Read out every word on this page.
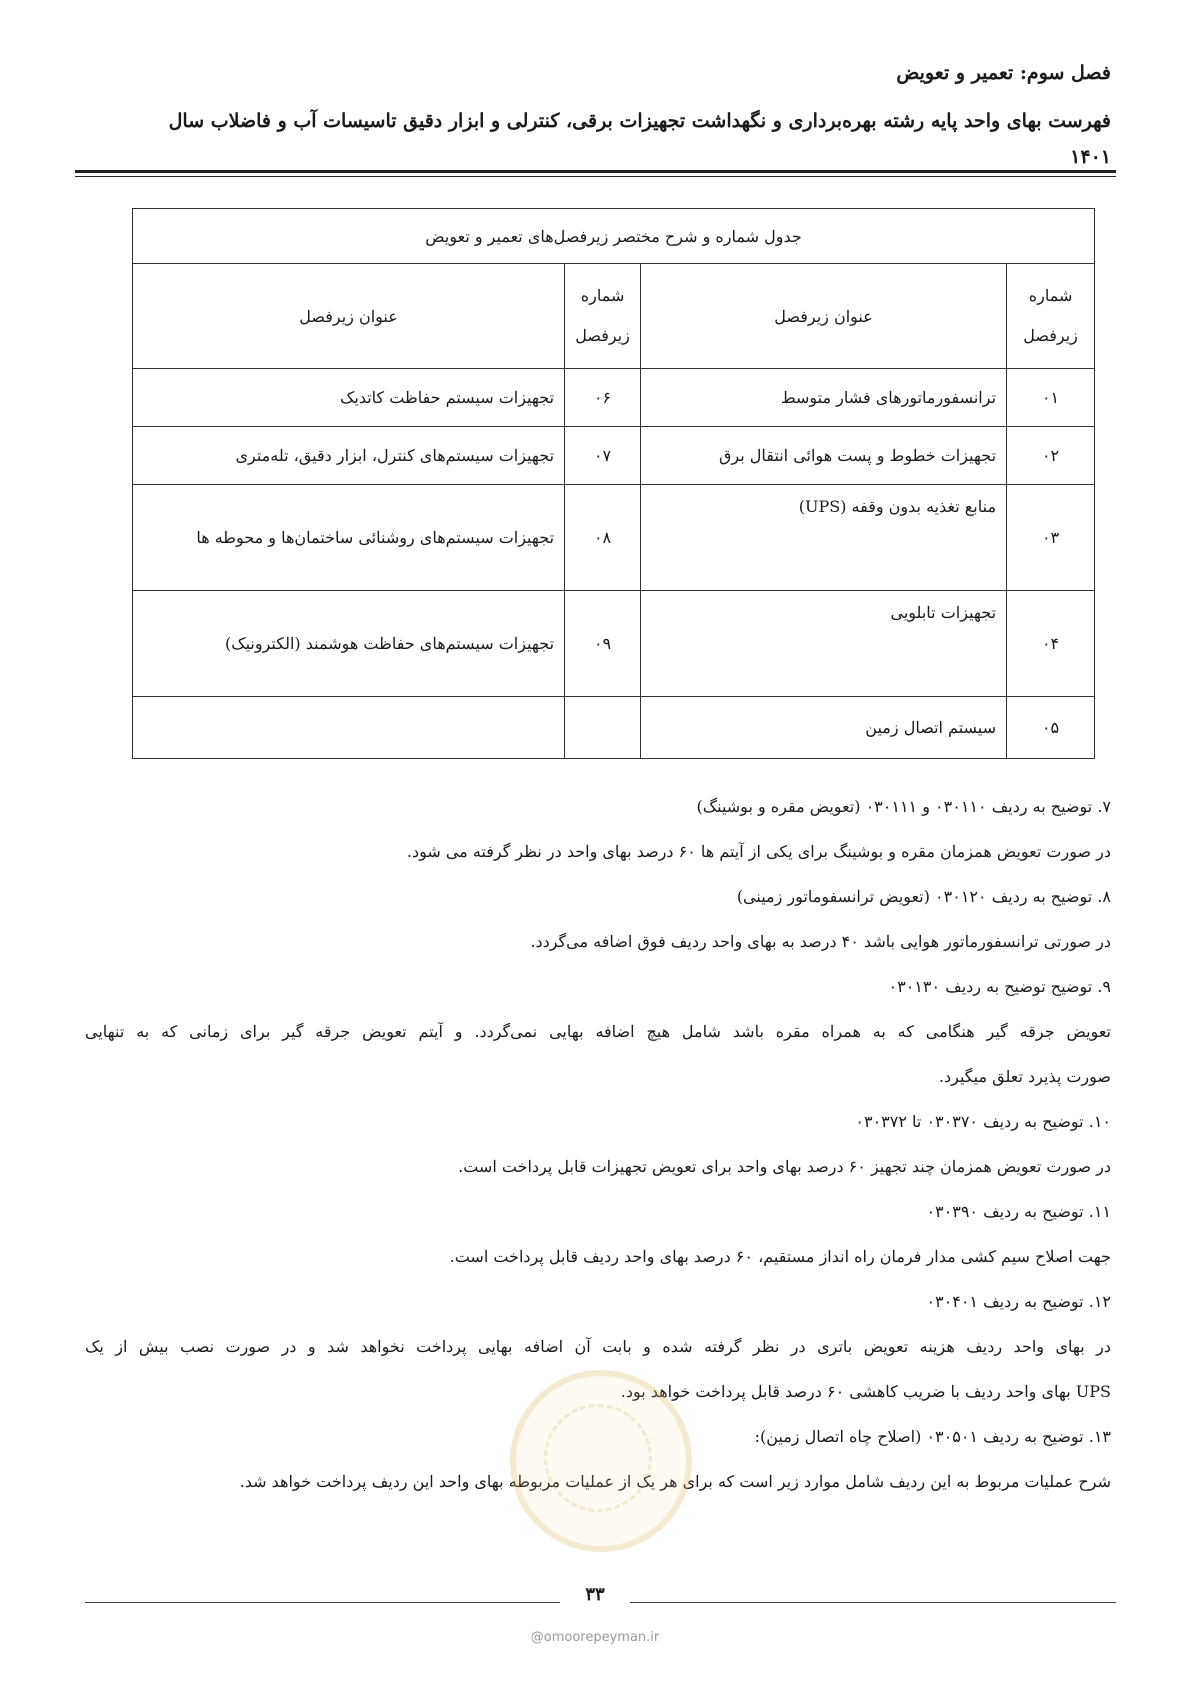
فصل سوم: تعمیر و تعویض
فهرست بهای واحد پایه رشته بهره‌برداری و نگهداشت تجهیزات برقی، کنترلی و ابزار دقیق تاسیسات آب و فاضلاب سال ۱۴۰۱
جدول شماره و شرح مختصر زیرفصل‌های تعمیر و تعویض			
شماره زیرفصل	عنوان زیرفصل	شماره زیرفصل	عنوان زیرفصل
۰۱	ترانسفورماتورهای فشار متوسط	۰۶	تجهیزات سیستم حفاظت کاتدیک
۰۲	تجهیزات خطوط و پست هوائی انتقال برق	۰۷	تجهیزات سیستم‌های کنترل، ابزار دقیق، تله‌متری
۰۳	منابع تغذیه بدون وقفه (UPS)	۰۸	تجهیزات سیستم‌های روشنائی ساختمان‌ها و محوطه ها
۰۴	تجهیزات تابلویی	۰۹	تجهیزات سیستم‌های حفاظت هوشمند (الکترونیک)
۰۵	سیستم اتصال زمین		
۷. توضیح به ردیف ۰۳۰۱۱۰ و ۰۳۰۱۱۱ (تعویض مقره و بوشینگ)
در صورت تعویض همزمان مقره و بوشینگ برای یکی از آیتم ها ۶۰ درصد بهای واحد در نظر گرفته می شود.
۸. توضیح به ردیف ۰۳۰۱۲۰ (تعویض ترانسفوماتور زمینی)
در صورتی ترانسفورماتور هوایی باشد ۴۰ درصد به بهای واحد ردیف فوق اضافه می‌گردد.
۹. توضیح توضیح به ردیف ۰۳۰۱۳۰
تعویض جرقه گیر هنگامی که به همراه مقره باشد شامل هیچ اضافه بهایی نمی‌گردد. و آیتم تعویض جرقه گیر برای زمانی که به تنهایی
صورت پذیرد تعلق میگیرد.
۱۰. توضیح به ردیف ۰۳۰۳۷۰ تا ۰۳۰۳۷۲
در صورت تعویض همزمان چند تجهیز ۶۰ درصد بهای واحد برای تعویض تجهیزات قابل پرداخت است.
۱۱. توضیح به ردیف ۰۳۰۳۹۰
جهت اصلاح سیم کشی مدار فرمان راه انداز مستقیم، ۶۰ درصد بهای واحد ردیف قابل پرداخت است.
۱۲. توضیح به ردیف ۰۳۰۴۰۱
در بهای واحد ردیف هزینه تعویض باتری در نظر گرفته شده و بابت آن اضافه بهایی پرداخت نخواهد شد و در صورت نصب بیش از یک
UPS بهای واحد ردیف با ضریب کاهشی ۶۰ درصد قابل پرداخت خواهد بود.
۱۳. توضیح به ردیف ۰۳۰۵۰۱ (اصلاح چاه اتصال زمین):
شرح عملیات مربوط به این ردیف شامل موارد زیر است که برای هر یک از عملیات مربوطه بهای واحد این ردیف پرداخت خواهد شد.
۳۳
@omoorepeyman.ir
